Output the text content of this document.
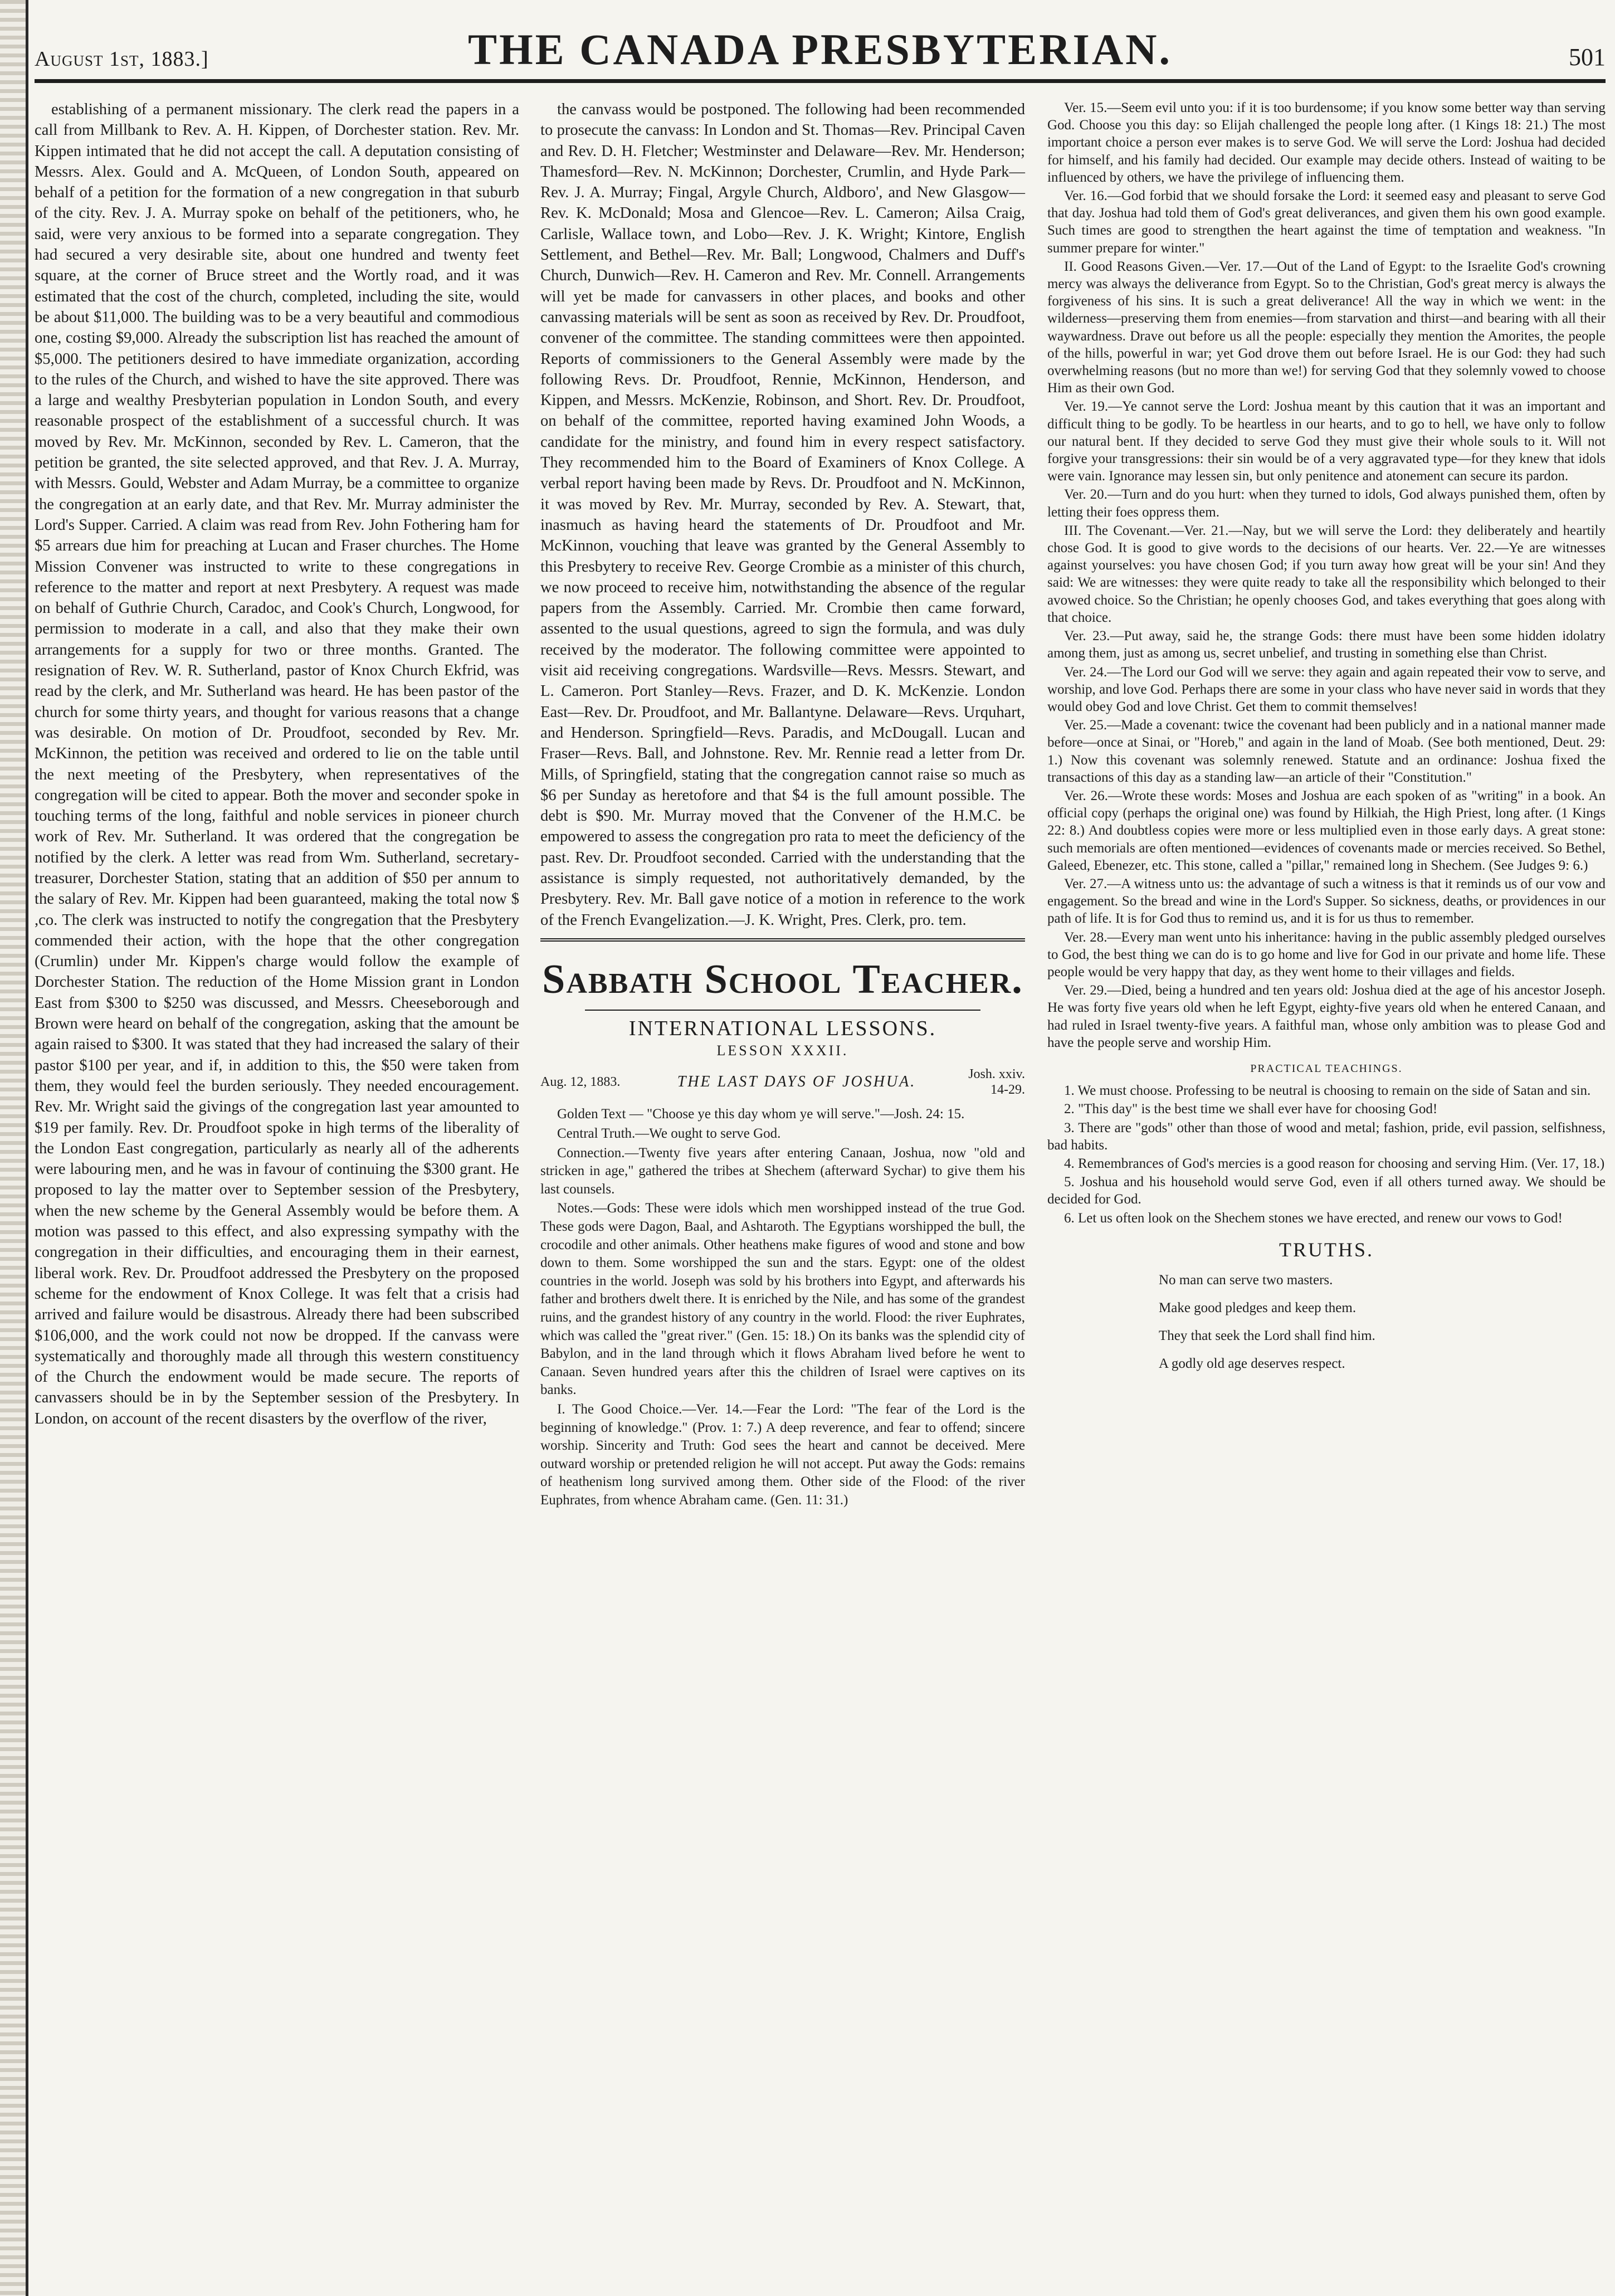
August 1st, 1883.]	THE CANADA PRESBYTERIAN.	501

establishing of a permanent missionary. The clerk read the papers in a call from Millbank to Rev. A. H. Kippen, of Dorchester station. Rev. Mr. Kippen intimated that he did not accept the call. A deputation consisting of Messrs. Alex. Gould and A. McQueen, of London South, appeared on behalf of a petition for the formation of a new congregation in that suburb of the city. Rev. J. A. Murray spoke on behalf of the petitioners, who, he said, were very anxious to be formed into a separate congregation. They had secured a very desirable site, about one hundred and twenty feet square, at the corner of Bruce street and the Wortly road, and it was estimated that the cost of the church, completed, including the site, would be about $11,000. The building was to be a very beautiful and commodious one, costing $9,000. Already the subscription list has reached the amount of $5,000. The petitioners desired to have immediate organization, according to the rules of the Church, and wished to have the site approved. There was a large and wealthy Presbyterian population in London South, and every reasonable prospect of the establishment of a successful church. It was moved by Rev. Mr. McKinnon, seconded by Rev. L. Cameron, that the petition be granted, the site selected approved, and that Rev. J. A. Murray, with Messrs. Gould, Webster and Adam Murray, be a committee to organize the congregation at an early date, and that Rev. Mr. Murray administer the Lord's Supper. Carried. A claim was read from Rev. John Fothering ham for $5 arrears due him for preaching at Lucan and Fraser churches. The Home Mission Convener was instructed to write to these congregations in reference to the matter and report at next Presbytery. A request was made on behalf of Guthrie Church, Caradoc, and Cook's Church, Longwood, for permission to moderate in a call, and also that they make their own arrangements for a supply for two or three months. Granted. The resignation of Rev. W. R. Sutherland, pastor of Knox Church Ekfrid, was read by the clerk, and Mr. Sutherland was heard. He has been pastor of the church for some thirty years, and thought for various reasons that a change was desirable. On motion of Dr. Proudfoot, seconded by Rev. Mr. McKinnon, the petition was received and ordered to lie on the table until the next meeting of the Presbytery, when representatives of the congregation will be cited to appear. Both the mover and seconder spoke in touching terms of the long, faithful and noble services in pioneer church work of Rev. Mr. Sutherland. It was ordered that the congregation be notified by the clerk. A letter was read from Wm. Sutherland, secretary-treasurer, Dorchester Station, stating that an addition of $50 per annum to the salary of Rev. Mr. Kippen had been guaranteed, making the total now $ ,co. The clerk was instructed to notify the congregation that the Presbytery commended their action, with the hope that the other congregation (Crumlin) under Mr. Kippen's charge would follow the example of Dorchester Station. The reduction of the Home Mission grant in London East from $300 to $250 was discussed, and Messrs. Cheeseborough and Brown were heard on behalf of the congregation, asking that the amount be again raised to $300. It was stated that they had increased the salary of their pastor $100 per year, and if, in addition to this, the $50 were taken from them, they would feel the burden seriously. They needed encouragement. Rev. Mr. Wright said the givings of the congregation last year amounted to $19 per family. Rev. Dr. Proudfoot spoke in high terms of the liberality of the London East congregation, particularly as nearly all of the adherents were labouring men, and he was in favour of continuing the $300 grant. He proposed to lay the matter over to September session of the Presbytery, when the new scheme by the General Assembly would be before them. A motion was passed to this effect, and also expressing sympathy with the congregation in their difficulties, and encouraging them in their earnest, liberal work. Rev. Dr. Proudfoot addressed the Presbytery on the proposed scheme for the endowment of Knox College. It was felt that a crisis had arrived and failure would be disastrous. Already there had been subscribed $106,000, and the work could not now be dropped. If the canvass were systematically and thoroughly made all through this western constituency of the Church the endowment would be made secure. The reports of canvassers should be in by the September session of the Presbytery. In London, on account of the recent disasters by the overflow of the river,

the canvass would be postponed. The following had been recommended to prosecute the canvass: In London and St. Thomas—Rev. Principal Caven and Rev. D. H. Fletcher; Westminster and Delaware—Rev. Mr. Henderson; Thamesford—Rev. N. McKinnon; Dorchester, Crumlin, and Hyde Park—Rev. J. A. Murray; Fingal, Argyle Church, Aldboro', and New Glasgow—Rev. K. McDonald; Mosa and Glencoe—Rev. L. Cameron; Ailsa Craig, Carlisle, Wallace town, and Lobo—Rev. J. K. Wright; Kintore, English Settlement, and Bethel—Rev. Mr. Ball; Longwood, Chalmers and Duff's Church, Dunwich—Rev. H. Cameron and Rev. Mr. Connell. Arrangements will yet be made for canvassers in other places, and books and other canvassing materials will be sent as soon as received by Rev. Dr. Proudfoot, convener of the committee. The standing committees were then appointed. Reports of commissioners to the General Assembly were made by the following Revs. Dr. Proudfoot, Rennie, McKinnon, Henderson, and Kippen, and Messrs. McKenzie, Robinson, and Short. Rev. Dr. Proudfoot, on behalf of the committee, reported having examined John Woods, a candidate for the ministry, and found him in every respect satisfactory. They recommended him to the Board of Examiners of Knox College. A verbal report having been made by Revs. Dr. Proudfoot and N. McKinnon, it was moved by Rev. Mr. Murray, seconded by Rev. A. Stewart, that, inasmuch as having heard the statements of Dr. Proudfoot and Mr. McKinnon, vouching that leave was granted by the General Assembly to this Presbytery to receive Rev. George Crombie as a minister of this church, we now proceed to receive him, notwithstanding the absence of the regular papers from the Assembly. Carried. Mr. Crombie then came forward, assented to the usual questions, agreed to sign the formula, and was duly received by the moderator. The following committee were appointed to visit aid receiving congregations. Wardsville—Revs. Messrs. Stewart, and L. Cameron. Port Stanley—Revs. Frazer, and D. K. McKenzie. London East—Rev. Dr. Proudfoot, and Mr. Ballantyne. Delaware—Revs. Urquhart, and Henderson. Springfield—Revs. Paradis, and McDougall. Lucan and Fraser—Revs. Ball, and Johnstone. Rev. Mr. Rennie read a letter from Dr. Mills, of Springfield, stating that the congregation cannot raise so much as $6 per Sunday as heretofore and that $4 is the full amount possible. The debt is $90. Mr. Murray moved that the Convener of the H.M.C. be empowered to assess the congregation pro rata to meet the deficiency of the past. Rev. Dr. Proudfoot seconded. Carried with the understanding that the assistance is simply requested, not authoritatively demanded, by the Presbytery. Rev. Mr. Ball gave notice of a motion in reference to the work of the French Evangelization.—J. K. Wright, Pres. Clerk, pro. tem.

Sabbath School Teacher.
INTERNATIONAL LESSONS.
LESSON XXXII.
Aug. 12, 1883.	THE LAST DAYS OF JOSHUA.	Josh. xxiv. 14-29.

Golden Text — "Choose ye this day whom ye will serve."—Josh. 24: 15.

Central Truth.—We ought to serve God.

Connection.—Twenty five years after entering Canaan, Joshua, now "old and stricken in age," gathered the tribes at Shechem (afterward Sychar) to give them his last counsels.

Notes.—Gods: These were idols which men worshipped instead of the true God. These gods were Dagon, Baal, and Ashtaroth. The Egyptians worshipped the bull, the crocodile and other animals. Other heathens make figures of wood and stone and bow down to them. Some worshipped the sun and the stars. Egypt: one of the oldest countries in the world. Joseph was sold by his brothers into Egypt, and afterwards his father and brothers dwelt there. It is enriched by the Nile, and has some of the grandest ruins, and the grandest history of any country in the world. Flood: the river Euphrates, which was called the "great river." (Gen. 15: 18.) On its banks was the splendid city of Babylon, and in the land through which it flows Abraham lived before he went to Canaan. Seven hundred years after this the children of Israel were captives on its banks.

I. The Good Choice.—Ver. 14.—Fear the Lord: "The fear of the Lord is the beginning of knowledge." (Prov. 1: 7.) A deep reverence, and fear to offend; sincere worship. Sincerity and Truth: God sees the heart and cannot be deceived. Mere outward worship or pretended religion he will not accept. Put away the Gods: remains of heathenism long survived among them. Other side of the Flood: of the river Euphrates, from whence Abraham came. (Gen. 11: 31.)

Ver. 15.—Seem evil unto you: if it is too burdensome; if you know some better way than serving God. Choose you this day: so Elijah challenged the people long after. (1 Kings 18: 21.) The most important choice a person ever makes is to serve God. We will serve the Lord: Joshua had decided for himself, and his family had decided. Our example may decide others. Instead of waiting to be influenced by others, we have the privilege of influencing them.

Ver. 16.—God forbid that we should forsake the Lord: it seemed easy and pleasant to serve God that day. Joshua had told them of God's great deliverances, and given them his own good example. Such times are good to strengthen the heart against the time of temptation and weakness. "In summer prepare for winter."

II. Good Reasons Given.—Ver. 17.—Out of the Land of Egypt: to the Israelite God's crowning mercy was always the deliverance from Egypt. So to the Christian, God's great mercy is always the forgiveness of his sins. It is such a great deliverance! All the way in which we went: in the wilderness—preserving them from enemies—from starvation and thirst—and bearing with all their waywardness. Drave out before us all the people: especially they mention the Amorites, the people of the hills, powerful in war; yet God drove them out before Israel. He is our God: they had such overwhelming reasons (but no more than we!) for serving God that they solemnly vowed to choose Him as their own God.

Ver. 19.—Ye cannot serve the Lord: Joshua meant by this caution that it was an important and difficult thing to be godly. To be heartless in our hearts, and to go to hell, we have only to follow our natural bent. If they decided to serve God they must give their whole souls to it. Will not forgive your transgressions: their sin would be of a very aggravated type—for they knew that idols were vain. Ignorance may lessen sin, but only penitence and atonement can secure its pardon.

Ver. 20.—Turn and do you hurt: when they turned to idols, God always punished them, often by letting their foes oppress them.

III. The Covenant.—Ver. 21.—Nay, but we will serve the Lord: they deliberately and heartily chose God. It is good to give words to the decisions of our hearts. Ver. 22.—Ye are witnesses against yourselves: you have chosen God; if you turn away how great will be your sin! And they said: We are witnesses: they were quite ready to take all the responsibility which belonged to their avowed choice. So the Christian; he openly chooses God, and takes everything that goes along with that choice.

Ver. 23.—Put away, said he, the strange Gods: there must have been some hidden idolatry among them, just as among us, secret unbelief, and trusting in something else than Christ.

Ver. 24.—The Lord our God will we serve: they again and again repeated their vow to serve, and worship, and love God. Perhaps there are some in your class who have never said in words that they would obey God and love Christ. Get them to commit themselves!

Ver. 25.—Made a covenant: twice the covenant had been publicly and in a national manner made before—once at Sinai, or "Horeb," and again in the land of Moab. (See both mentioned, Deut. 29: 1.) Now this covenant was solemnly renewed. Statute and an ordinance: Joshua fixed the transactions of this day as a standing law—an article of their "Constitution."

Ver. 26.—Wrote these words: Moses and Joshua are each spoken of as "writing" in a book. An official copy (perhaps the original one) was found by Hilkiah, the High Priest, long after. (1 Kings 22: 8.) And doubtless copies were more or less multiplied even in those early days. A great stone: such memorials are often mentioned—evidences of covenants made or mercies received. So Bethel, Galeed, Ebenezer, etc. This stone, called a "pillar," remained long in Shechem. (See Judges 9: 6.)

Ver. 27.—A witness unto us: the advantage of such a witness is that it reminds us of our vow and engagement. So the bread and wine in the Lord's Supper. So sickness, deaths, or providences in our path of life. It is for God thus to remind us, and it is for us thus to remember.

Ver. 28.—Every man went unto his inheritance: having in the public assembly pledged ourselves to God, the best thing we can do is to go home and live for God in our private and home life. These people would be very happy that day, as they went home to their villages and fields.

Ver. 29.—Died, being a hundred and ten years old: Joshua died at the age of his ancestor Joseph. He was forty five years old when he left Egypt, eighty-five years old when he entered Canaan, and had ruled in Israel twenty-five years. A faithful man, whose only ambition was to please God and have the people serve and worship Him.

PRACTICAL TEACHINGS.

1. We must choose. Professing to be neutral is choosing to remain on the side of Satan and sin.

2. "This day" is the best time we shall ever have for choosing God!

3. There are "gods" other than those of wood and metal; fashion, pride, evil passion, selfishness, bad habits.

4. Remembrances of God's mercies is a good reason for choosing and serving Him. (Ver. 17, 18.)

5. Joshua and his household would serve God, even if all others turned away. We should be decided for God.

6. Let us often look on the Shechem stones we have erected, and renew our vows to God!

TRUTHS.
No man can serve two masters.
Make good pledges and keep them.
They that seek the Lord shall find him.
A godly old age deserves respect.
